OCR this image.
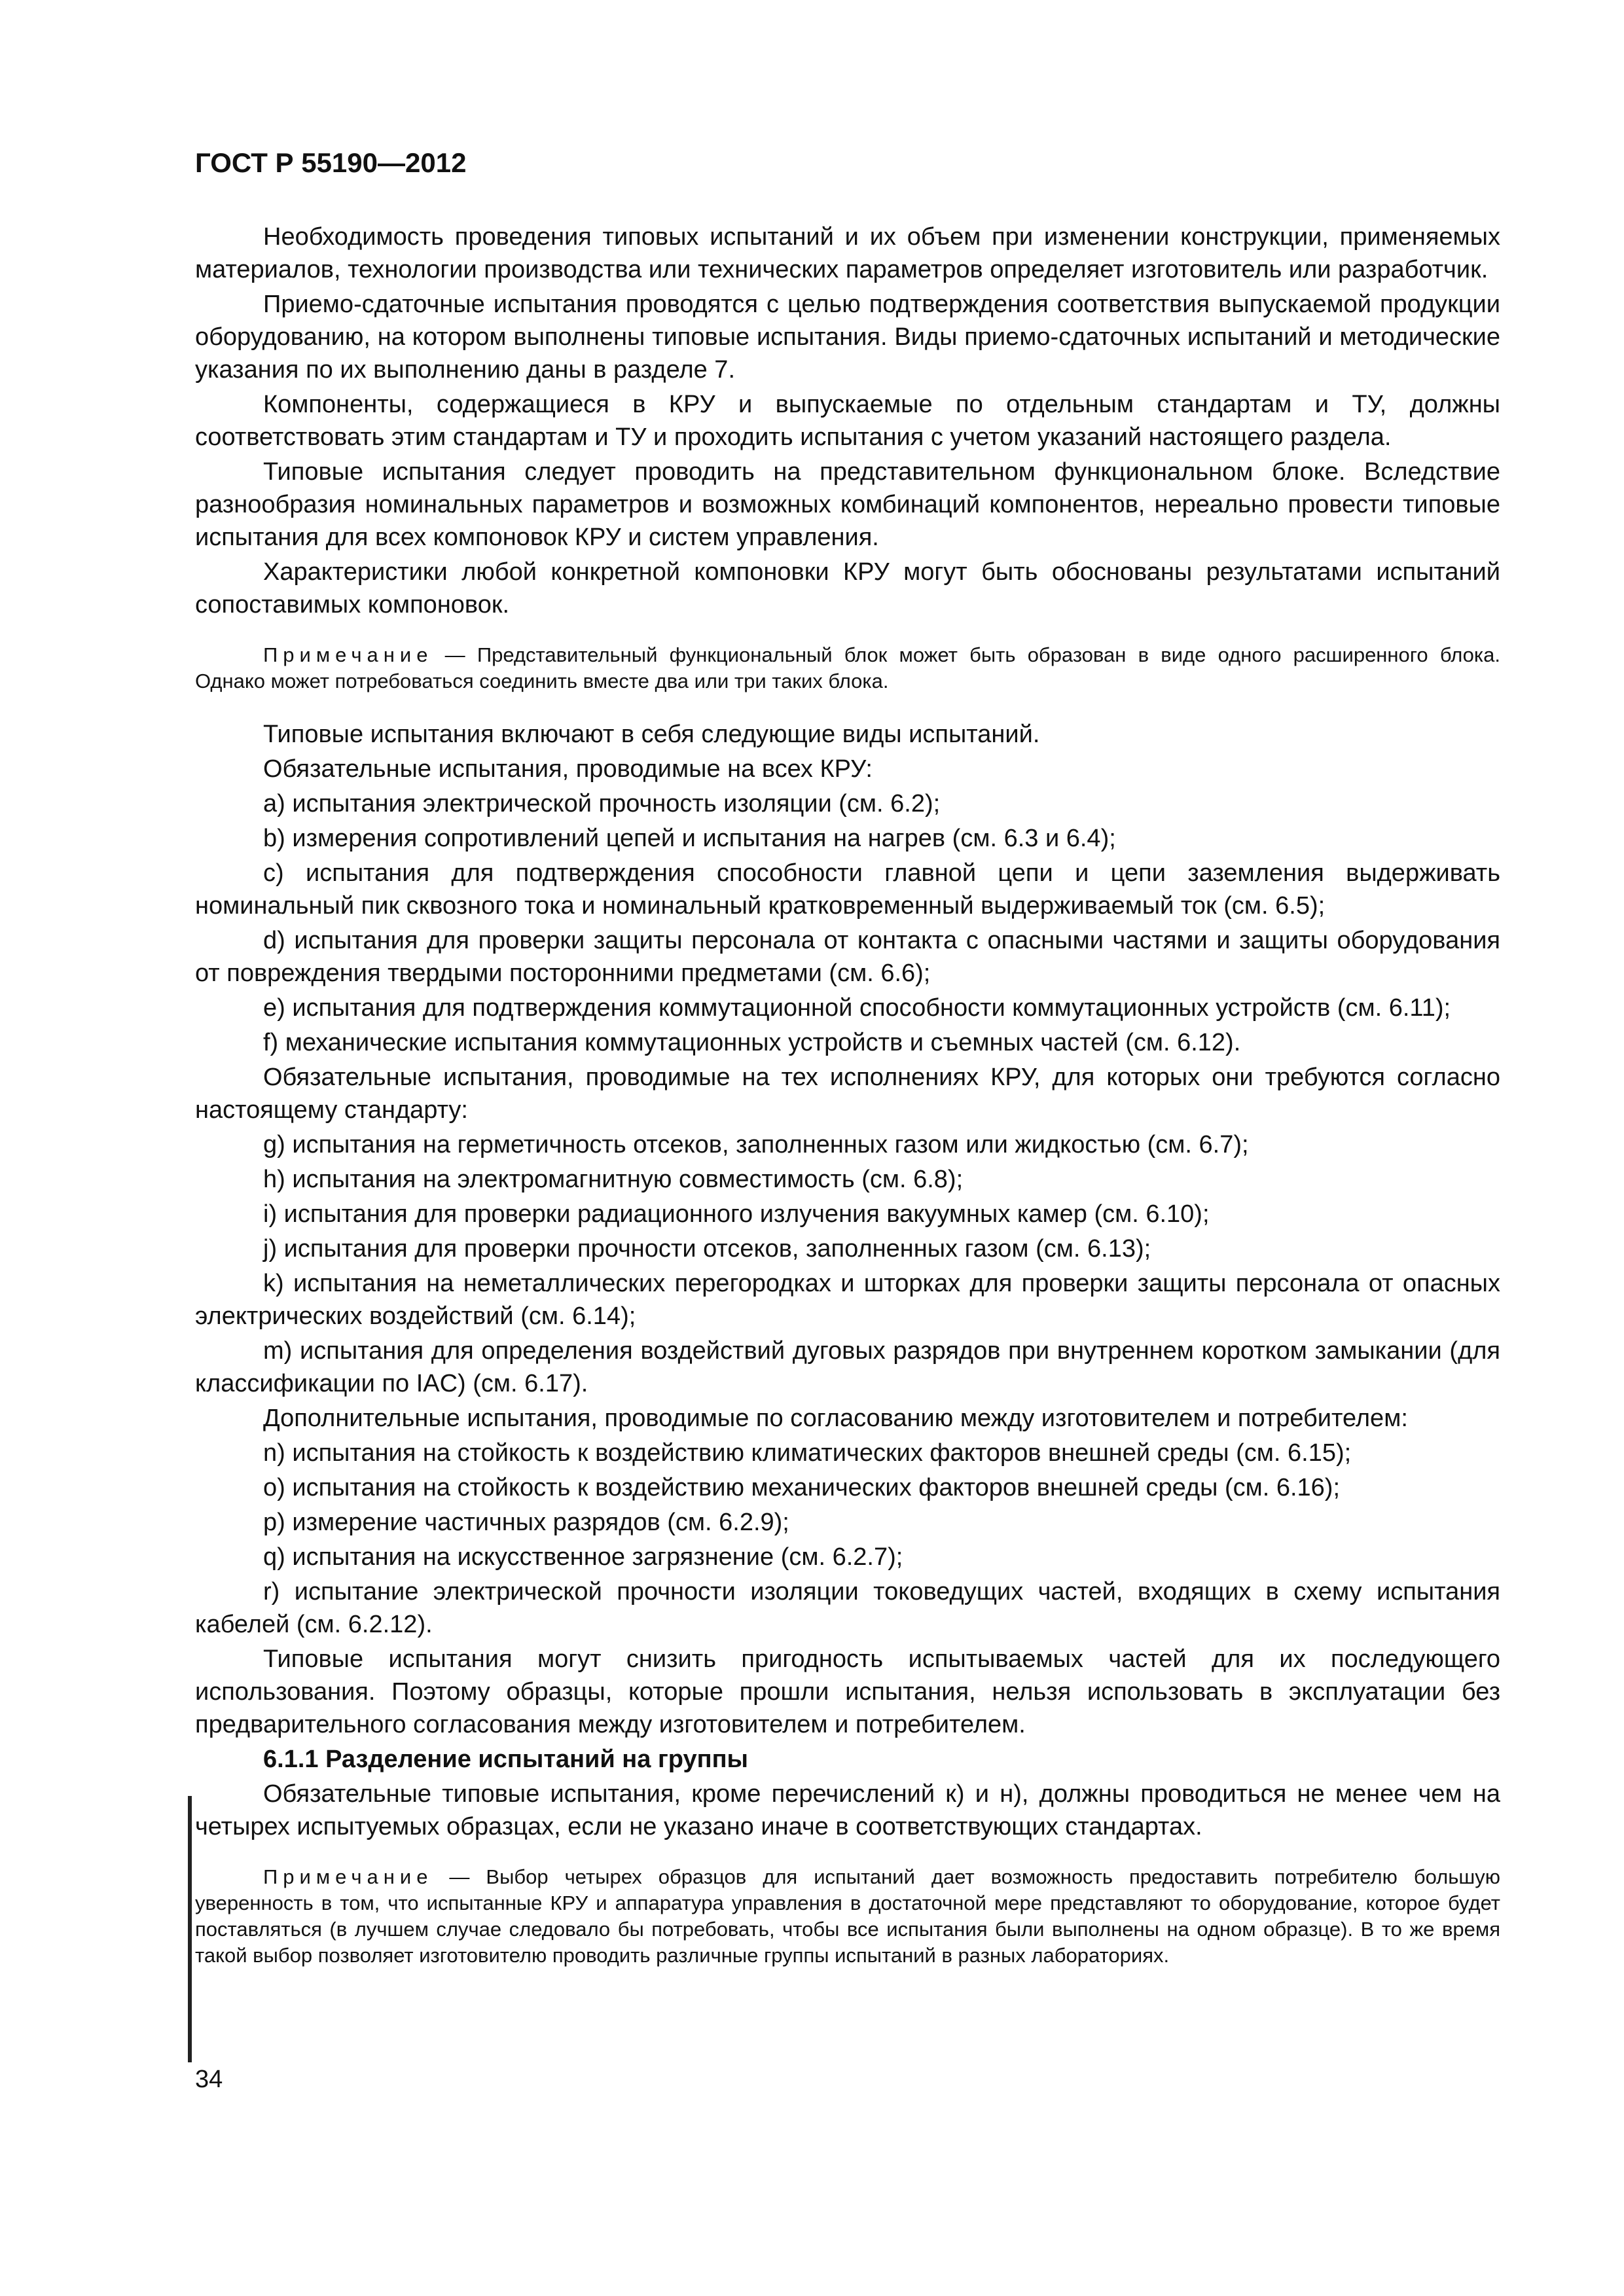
ГОСТ Р 55190—2012

Необходимость проведения типовых испытаний и их объем при изменении конструкции, применяемых материалов, технологии производства или технических параметров определяет изготовитель или разработчик.

Приемо-сдаточные испытания проводятся с целью подтверждения соответствия выпускаемой продукции оборудованию, на котором выполнены типовые испытания. Виды приемо-сдаточных испытаний и методические указания по их выполнению даны в разделе 7.

Компоненты, содержащиеся в КРУ и выпускаемые по отдельным стандартам и ТУ, должны соответствовать этим стандартам и ТУ и проходить испытания с учетом указаний настоящего раздела.

Типовые испытания следует проводить на представительном функциональном блоке. Вследствие разнообразия номинальных параметров и возможных комбинаций компонентов, нереально провести типовые испытания для всех компоновок КРУ и систем управления.

Характеристики любой конкретной компоновки КРУ могут быть обоснованы результатами испытаний сопоставимых компоновок.

Примечание — Представительный функциональный блок может быть образован в виде одного расширенного блока. Однако может потребоваться соединить вместе два или три таких блока.

Типовые испытания включают в себя следующие виды испытаний.

Обязательные испытания, проводимые на всех КРУ:

a) испытания электрической прочность изоляции (см. 6.2);

b) измерения сопротивлений цепей и испытания на нагрев (см. 6.3 и 6.4);

c) испытания для подтверждения способности главной цепи и цепи заземления выдерживать номинальный пик сквозного тока и номинальный кратковременный выдерживаемый ток (см. 6.5);

d) испытания для проверки защиты персонала от контакта с опасными частями и защиты оборудования от повреждения твердыми посторонними предметами (см. 6.6);

e) испытания для подтверждения коммутационной способности коммутационных устройств (см. 6.11);

f) механические испытания коммутационных устройств и съемных частей (см. 6.12).

Обязательные испытания, проводимые на тех исполнениях КРУ, для которых они требуются согласно настоящему стандарту:

g) испытания на герметичность отсеков, заполненных газом или жидкостью (см. 6.7);

h) испытания на электромагнитную совместимость (см. 6.8);

i) испытания для проверки радиационного излучения вакуумных камер (см. 6.10);

j) испытания для проверки прочности отсеков, заполненных газом (см. 6.13);

k) испытания на неметаллических перегородках и шторках для проверки защиты персонала от опасных электрических воздействий (см. 6.14);

m) испытания для определения воздействий дуговых разрядов при внутреннем коротком замыкании (для классификации по IAC) (см. 6.17).

Дополнительные испытания, проводимые по согласованию между изготовителем и потребителем:

n) испытания на стойкость к воздействию климатических факторов внешней среды (см. 6.15);

o) испытания на стойкость к воздействию механических факторов внешней среды (см. 6.16);

p) измерение частичных разрядов (см. 6.2.9);

q) испытания на искусственное загрязнение (см. 6.2.7);

r) испытание электрической прочности изоляции токоведущих частей, входящих в схему испытания кабелей (см. 6.2.12).

Типовые испытания могут снизить пригодность испытываемых частей для их последующего использования. Поэтому образцы, которые прошли испытания, нельзя использовать в эксплуатации без предварительного согласования между изготовителем и потребителем.

6.1.1 Разделение испытаний на группы

Обязательные типовые испытания, кроме перечислений к) и н), должны проводиться не менее чем на четырех испытуемых образцах, если не указано иначе в соответствующих стандартах.

Примечание — Выбор четырех образцов для испытаний дает возможность предоставить потребителю большую уверенность в том, что испытанные КРУ и аппаратура управления в достаточной мере представляют то оборудование, которое будет поставляться (в лучшем случае следовало бы потребовать, чтобы все испытания были выполнены на одном образце). В то же время такой выбор позволяет изготовителю проводить различные группы испытаний в разных лабораториях.

34
